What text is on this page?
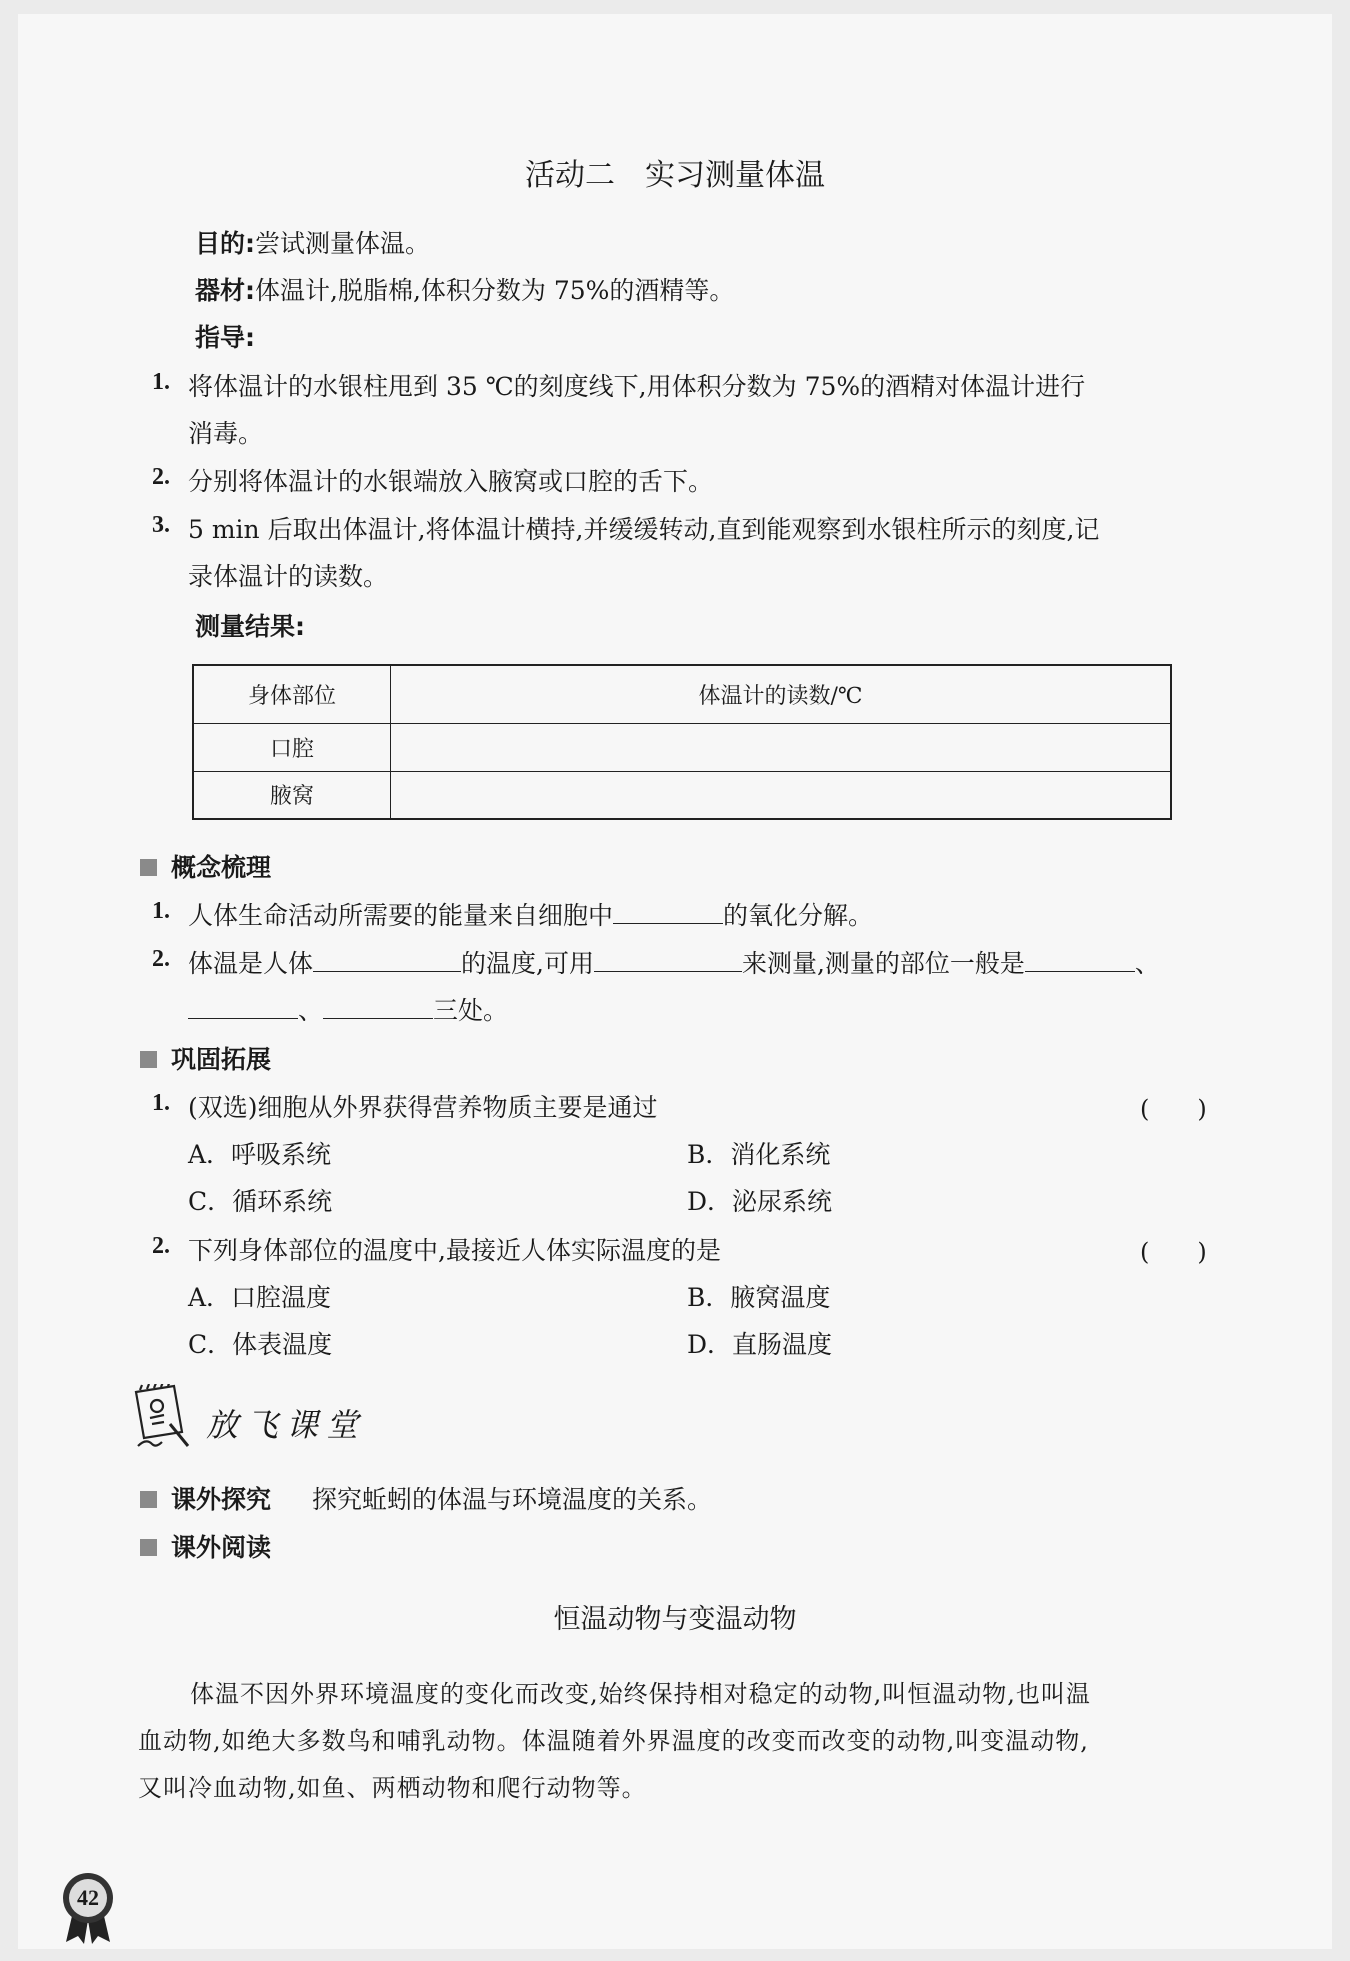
活动二　实习测量体温
目的:尝试测量体温。
器材:体温计,脱脂棉,体积分数为 75%的酒精等。
指导:
1. 将体温计的水银柱甩到 35 ℃的刻度线下,用体积分数为 75%的酒精对体温计进行
消毒。
2. 分别将体温计的水银端放入腋窝或口腔的舌下。
3. 5 min 后取出体温计,将体温计横持,并缓缓转动,直到能观察到水银柱所示的刻度,记
录体温计的读数。
测量结果:
身体部位	体温计的读数/℃
口腔	
腋窝	
概念梳理
1. 人体生命活动所需要的能量来自细胞中	的氧化分解。
2. 体温是人体	的温度,可用	来测量,测量的部位一般是	、
、	三处。
巩固拓展
1. (双选)细胞从外界获得营养物质主要是通过	(　　)
A．呼吸系统	B．消化系统
C．循环系统	D．泌尿系统
2. 下列身体部位的温度中,最接近人体实际温度的是	(　　)
A．口腔温度	B．腋窝温度
C．体表温度	D．直肠温度
放飞课堂
课外探究 探究蚯蚓的体温与环境温度的关系。
课外阅读
恒温动物与变温动物
体温不因外界环境温度的变化而改变,始终保持相对稳定的动物,叫恒温动物,也叫温
血动物,如绝大多数鸟和哺乳动物。体温随着外界温度的改变而改变的动物,叫变温动物,
又叫冷血动物,如鱼、两栖动物和爬行动物等。
42
